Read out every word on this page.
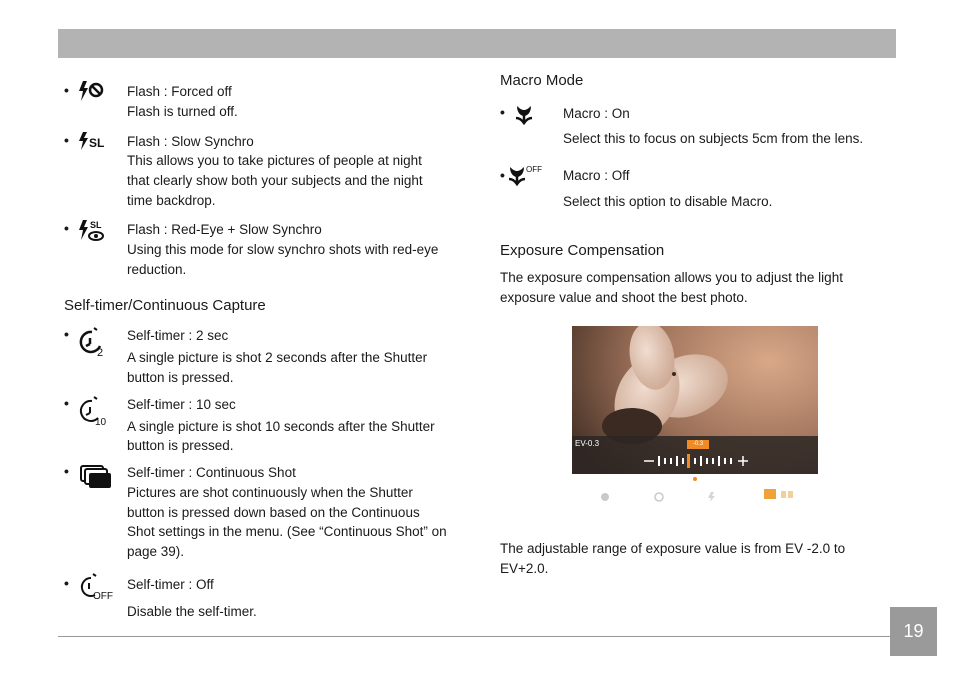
•	Flash : Forced off
Flash is turned off.
• SL Flash : Slow Synchro
This allows you to take pictures of people at night
that clearly show both your subjects and the night
time backdrop.
• SL Flash : Red-Eye + Slow Synchro
Using this mode for slow synchro shots with red-eye
reduction.
Self-timer/Continuous Capture
•
2
Self-timer : 2 sec
A single picture is shot 2 seconds after the Shutter
button is pressed.
•
10
Self-timer : 10 sec
A single picture is shot 10 seconds after the Shutter
button is pressed.
•	Self-timer : Continuous Shot
Pictures are shot continuously when the Shutter
button is pressed down based on the Continuous
Shot settings in the menu. (See “Continuous Shot” on
page 39).
•
OFF
Self-timer : Off
Disable the self-timer.
Macro Mode
•	Macro : On
Select this to focus on subjects 5cm from the lens.
•	OFF Macro : Off
Select this option to disable Macro.
Exposure Compensation
The exposure compensation allows you to adjust the light
exposure value and shoot the best photo.
EV-0.3	-0.3
The adjustable range of exposure value is from EV -2.0 to
EV+2.0.
19
